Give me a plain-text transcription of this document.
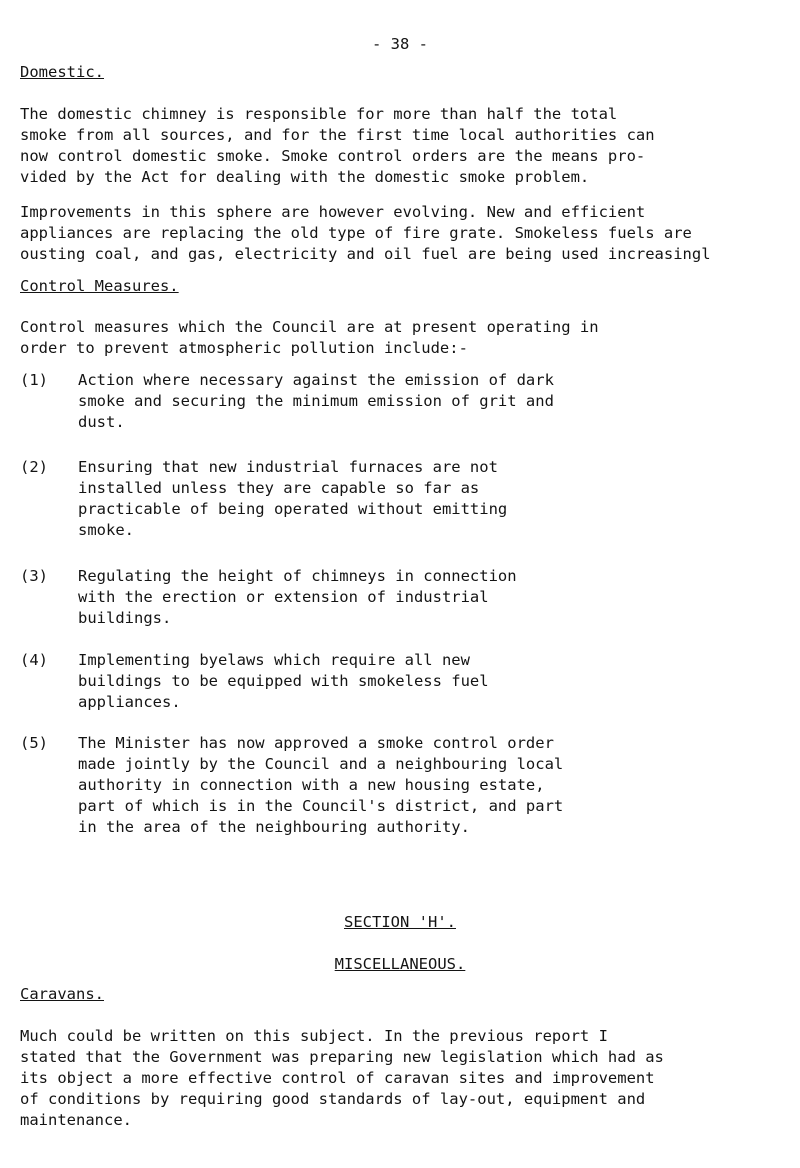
- 38 -
Domestic.
The domestic chimney is responsible for more than half the total
smoke from all sources, and for the first time local authorities can
now control domestic smoke. Smoke control orders are the means pro-
vided by the Act for dealing with the domestic smoke problem.
Improvements in this sphere are however evolving. New and efficient
appliances are replacing the old type of fire grate. Smokeless fuels are
ousting coal, and gas, electricity and oil fuel are being used increasingl
Control Measures.
Control measures which the Council are at present operating in
order to prevent atmospheric pollution include:-
(1) Action where necessary against the emission of dark
smoke and securing the minimum emission of grit and
dust.
(2) Ensuring that new industrial furnaces are not
installed unless they are capable so far as
practicable of being operated without emitting
smoke.
(3) Regulating the height of chimneys in connection
with the erection or extension of industrial
buildings.
(4) Implementing byelaws which require all new
buildings to be equipped with smokeless fuel
appliances.
(5) The Minister has now approved a smoke control order
made jointly by the Council and a neighbouring local
authority in connection with a new housing estate,
part of which is in the Council's district, and part
in the area of the neighbouring authority.
SECTION 'H'.
MISCELLANEOUS.
Caravans.
Much could be written on this subject. In the previous report I
stated that the Government was preparing new legislation which had as
its object a more effective control of caravan sites and improvement
of conditions by requiring good standards of lay-out, equipment and
maintenance.
